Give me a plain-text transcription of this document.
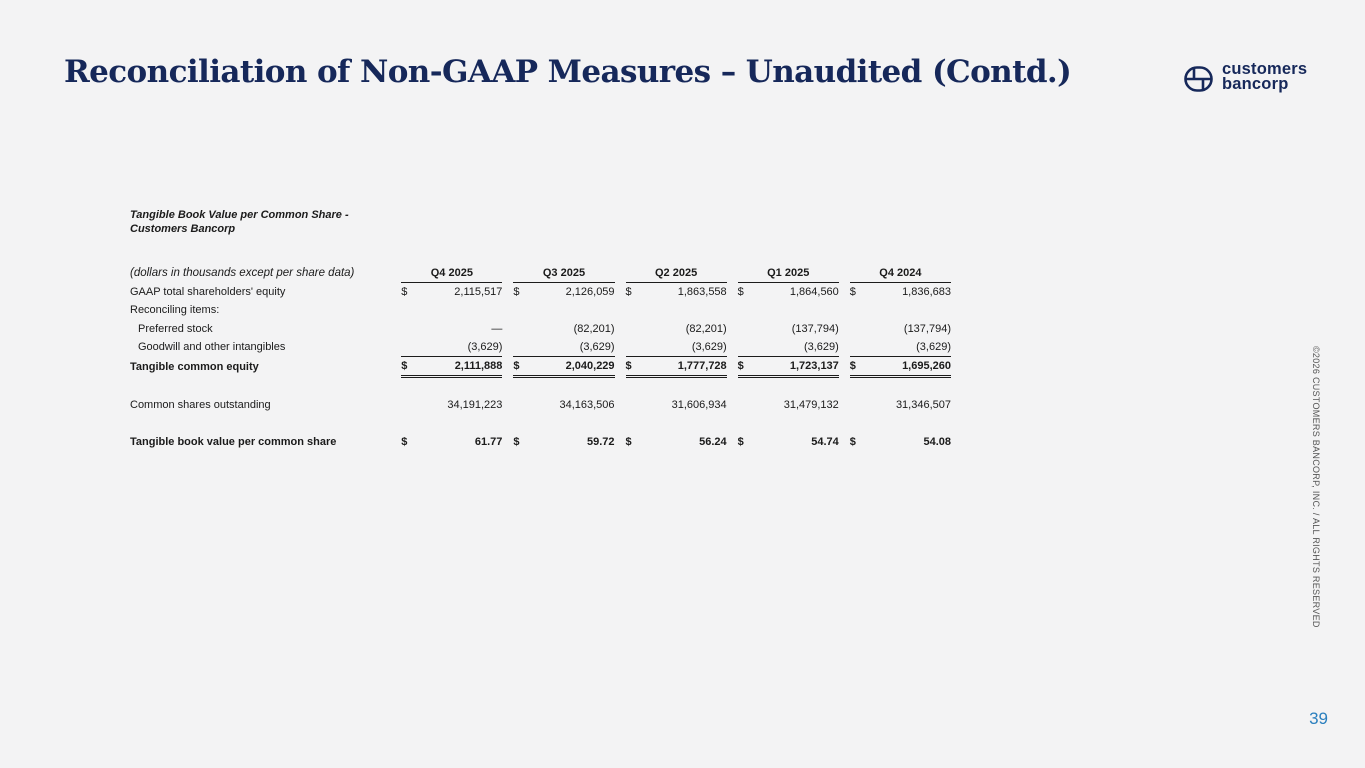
Reconciliation of Non-GAAP Measures – Unaudited (Contd.)	customers
bancorp
Tangible Book Value per Common Share -
Customers Bancorp
(dollars in thousands except per share data)	Q4 2025			Q3 2025			Q2 2025			Q1 2025			Q4 2024	
GAAP total shareholders' equity	$	2,115,517		$	2,126,059		$	1,863,558		$	1,864,560		$	1,836,683
Reconciling items:														
Preferred stock		—			(82,201)			(82,201)			(137,794)			(137,794)
Goodwill and other intangibles		(3,629)			(3,629)			(3,629)			(3,629)			(3,629)
Tangible common equity	$	2,111,888		$	2,040,229		$	1,777,728		$	1,723,137		$	1,695,260

Common shares outstanding		34,191,223			34,163,506			31,606,934			31,479,132			31,346,507

Tangible book value per common share	$	61.77		$	59.72		$	56.24		$	54.74		$	54.08	©2026 CUSTOMERS BANCORP, INC. / ALL RIGHTS RESERVED
39
